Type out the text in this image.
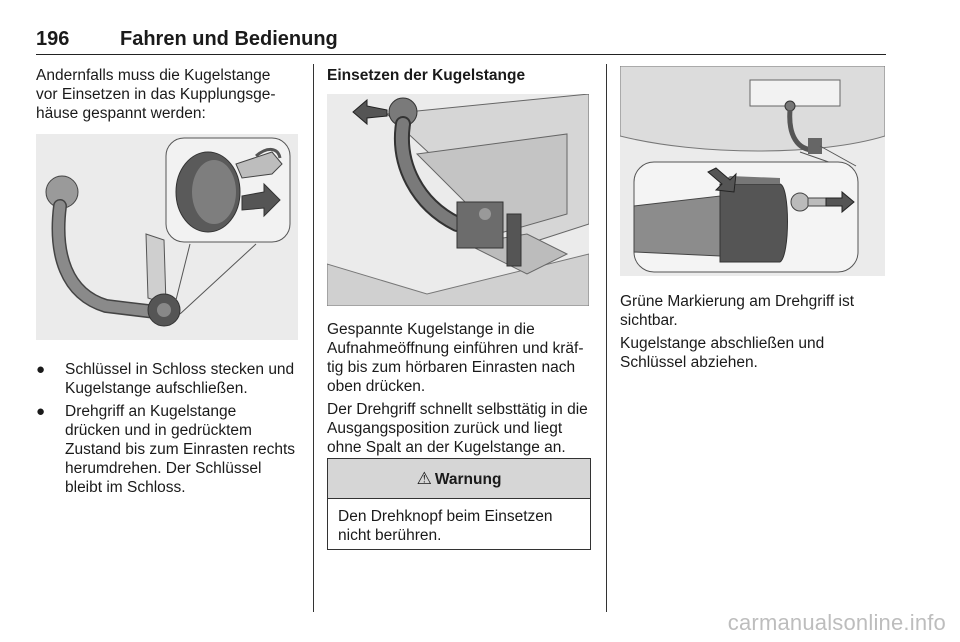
196	Fahren und Bedienung

Andernfalls muss die Kugelstange
vor Einsetzen in das Kupplungsge-
häuse gespannt werden:

● Schlüssel in Schloss stecken und
Kugelstange aufschließen.
● Drehgriff an Kugelstange
drücken und in gedrücktem
Zustand bis zum Einrasten rechts
herumdrehen. Der Schlüssel
bleibt im Schloss.
Einsetzen der Kugelstange

Gespannte Kugelstange in die
Aufnahmeöffnung einführen und kräf-
tig bis zum hörbaren Einrasten nach
oben drücken.

Der Drehgriff schnellt selbsttätig in die
Ausgangsposition zurück und liegt
ohne Spalt an der Kugelstange an.

⚠ Warnung
Den Drehknopf beim Einsetzen
nicht berühren.

Grüne Markierung am Drehgriff ist
sichtbar.

Kugelstange abschließen und
Schlüssel abziehen.

carmanualsonline.info
